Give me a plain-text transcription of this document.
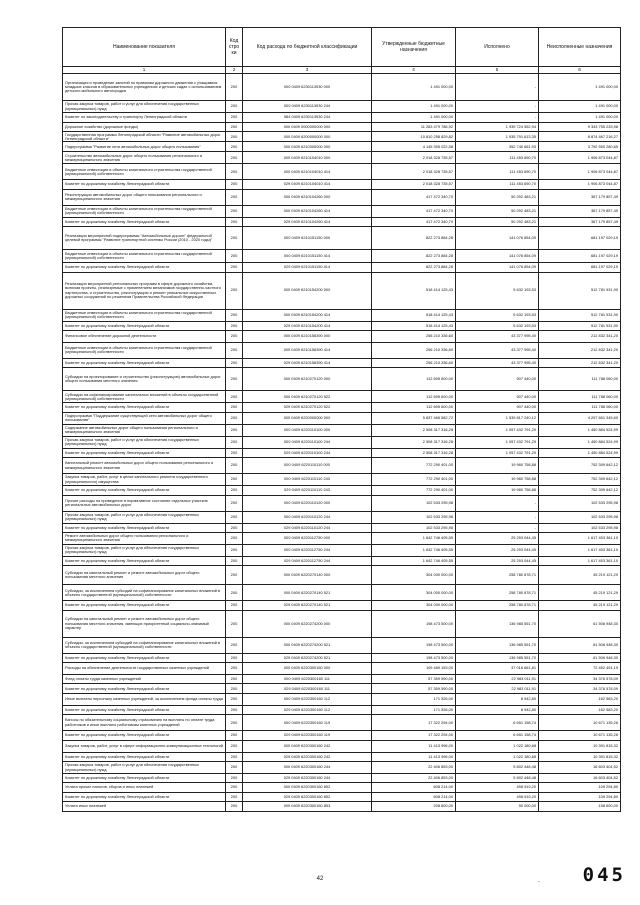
Наименование показателя	Код стро ки	Код расхода по бюджетной классификации	Утвержденные бюджетные назначения	Исполнено	Неисполненные назначения
1	2	3	4	5	6
Организация и проведение занятий по правилам дорожного движения с учащимися младших классов в образовательных учреждениях и детских садах с использованием детского мобильного автогородка	200	000 0409 6230113930 000	1 491 000,00	-	1 491 000,00
Прочая закупка товаров, работ и услуг для обеспечения государственных (муниципальных) нужд	200	000 0409 6230113930 244	1 491 000,00	-	1 491 000,00
Комитет по законодательству и транспорту Ленинградской области	200	984 0409 6230113930 244	1 491 000,00	-	1 491 000,00
Дорожное хозяйство (дорожные фонды)	200	000 0409 0000000000 000	11 283 479 786,92	1 939 724 552,94	9 343 755 233,98
Государственная программа Ленинградской области "Развитие автомобильных дорог Ленинградской области"	200	000 0409 6200000000 000	10 810 258 829,82	1 935 791 613,35	8 874 467 216,27
Подпрограмма "Развитие сети автомобильных дорог общего пользования"	200	000 0409 6210000000 000	4 145 395 022,58	352 740 661,93	3 792 550 280,65
Строительство автомобильных дорог общего пользования регионального и межмуниципального значения	200	000 0409 6210104010 000	2 018 328 735,57	111 453 690,70	1 906 873 044,87
Бюджетные инвестиции в объекты капитального строительства государственной (муниципальной) собственности	200	000 0409 6210104010 414	2 018 328 735,57	111 453 690,70	1 906 873 044,87
Комитет по дорожному хозяйству Ленинградской области	200	029 0409 6210104010 414	2 018 328 735,57	111 453 690,70	1 906 873 044,87
Реконструкция автомобильных дорог общего пользования регионального и межмуниципального значения	200	000 0409 6210104260 000	417 472 340,70	50 292 483,21	367 179 857,49
Бюджетные инвестиции в объекты капитального строительства государственной (муниципальной) собственности	200	000 0409 6210104260 414	417 472 340,70	50 292 483,21	367 179 857,49
Комитет по дорожному хозяйству Ленинградской области	200	029 0409 6210104260 414	417 472 340,70	50 292 483,21	367 179 857,49
Реализация мероприятий подпрограммы "Автомобильные дороги" федеральной целевой программы "Развитие транспортной системы России (2010 - 2020 годы)"	200	000 0409 6210151150 000	822 273 884,28	141 076 854,09	681 197 029,19
Бюджетные инвестиции в объекты капитального строительства государственной (муниципальной) собственности	200	000 0409 6210151150 414	822 273 884,28	141 076 854,09	681 197 029,19
Комитет по дорожному хозяйству Ленинградской области	200	029 0409 6210151150 414	822 273 884,28	141 076 854,09	681 197 029,19
Реализация мероприятий региональных программ в сфере дорожного хозяйства, включая проекты, реализуемые с применением механизмов государственно-частного партнерства, и строительство, реконструкцию и ремонт уникальных искусственных дорожных сооружений по решениям Правительства Российской Федерации	200	000 0409 6210154200 000	518 414 125,43	5 632 193,53	512 781 931,90
Бюджетные инвестиции в объекты капитального строительства государственной (муниципальной) собственности	200	000 0409 6210154200 414	518 414 125,43	5 632 193,53	512 781 931,90
Комитет по дорожному хозяйству Ленинградской области	200	029 0409 6210154200 414	518 414 125,43	5 632 193,53	512 781 931,90
Финансовое обеспечение дорожной деятельности	200	000 0409 6210158390 000	256 210 336,60	43 377 995,40	212 832 341,20
Бюджетные инвестиции в объекты капитального строительства государственной (муниципальной) собственности	200	000 0409 6210158390 414	256 210 336,60	43 377 995,40	212 832 341,20
Комитет по дорожному хозяйству Ленинградской области	200	029 0409 6210158390 414	256 210 336,60	43 377 995,40	212 832 341,20
Субсидии на проектирование и строительство (реконструкцию) автомобильных дорог общего пользования местного значения	200	000 0409 6210270120 000	112 695 600,00	907 440,00	111 788 060,00
Субсидии на софинансирование капитальных вложений в объекты государственной (муниципальной) собственности	200	000 0409 6210270120 522	112 695 600,00	907 440,00	111 788 060,00
Комитет по дорожному хозяйству Ленинградской области	200	029 0409 6210270120 522	112 695 600,00	907 440,00	111 788 060,00
Подпрограмма "Поддержание существующей сети автомобильных дорог общего пользования"	200	000 0409 6220000000 000	5 837 466 582,72	1 539 817 240,12	4 297 651 345,60
Содержание автомобильных дорог общего пользования регионального и межмуниципального значения	200	000 0409 6220110100 000	2 508 317 316,28	1 057 432 791,29	1 450 884 524,99
Прочая закупка товаров, работ и услуг для обеспечения государственных (муниципальных) нужд	200	000 0409 6220110100 244	2 508 317 316,28	1 057 432 791,29	1 450 884 524,99
Комитет по дорожному хозяйству Ленинградской области	200	029 0409 6220110100 244	2 508 317 316,28	1 057 432 791,29	1 450 884 524,99
Капитальный ремонт автомобильных дорог общего пользования регионального и межмуниципального значения	200	000 0409 6220110110 000	772 290 401,00	19 980 758,88	752 309 642,12
Закупка товаров, работ, услуг в целях капитального ремонта государственного (муниципального) имущества	200	000 0409 6220110110 243	772 290 401,00	19 980 758,88	752 309 642,12
Комитет по дорожному хозяйству Ленинградской области	200	029 0409 6220110110 243	772 290 401,00	19 980 758,88	752 309 642,12
Прочие расходы на приведение в нормативное состояние отдельных участков региональных автомобильных дорог	200	000 0409 6220110120 000	102 533 295,98	-	102 533 295,98
Прочая закупка товаров, работ и услуг для обеспечения государственных (муниципальных) нужд	200	000 0409 6220110120 244	102 533 295,98	-	102 533 295,98
Комитет по дорожному хозяйству Ленинградской области	200	029 0409 6220110120 244	102 533 295,98	-	102 533 295,98
Ремонт автомобильных дорог общего пользования регионального и межмуниципального значения	200	000 0409 6220112750 000	1 642 746 405,55	25 293 044,45	1 617 453 361,10
Прочая закупка товаров, работ и услуг для обеспечения государственных (муниципальных) нужд	200	000 0409 6220112750 244	1 642 746 405,55	25 293 044,45	1 617 453 361,10
Комитет по дорожному хозяйству Ленинградской области	200	029 0409 6220112750 244	1 642 746 405,55	25 293 044,45	1 617 453 361,10
Субсидии на капитальный ремонт и ремонт автомобильных дорог общего пользования местного значения	200	000 0409 6220270140 000	304 000 000,00	258 780 878,71	45 219 121,29
Субсидии, за исключением субсидий на софинансирование капитальных вложений в объекты государственной (муниципальной) собственности	200	000 0409 6220270140 521	304 000 000,00	258 780 878,71	45 219 121,29
Комитет по дорожному хозяйству Ленинградской области	200	029 0409 6220270140 521	304 000 000,00	258 780 878,71	45 219 121,29
Субсидии на капитальный ремонт и ремонт автомобильных дорог общего пользования местного значения, имеющих приоритетный социально-значимый характер	200	000 0409 6220274200 000	198 473 500,00	136 985 551,70	61 506 948,30
Субсидии, за исключением субсидий на софинансирование капитальных вложений в объекты государственной (муниципальной) собственности	200	000 0409 6220274200 521	198 473 500,00	136 985 551,70	61 506 948,30
Комитет по дорожному хозяйству Ленинградской области	200	029 0409 6220274200 521	198 473 500,00	136 985 551,70	61 506 948,30
Расходы на обеспечение деятельности государственных казенных учреждений	200	000 0409 6220300160 000	109 469 153,00	37 016 661,81	72 452 491,19
Фонд оплаты труда казенных учреждений	200	000 0409 6220300160 111	57 359 590,00	22 983 011,91	34 376 578,09
Комитет по дорожному хозяйству Ленинградской области	200	029 0409 6220300160 111	57 359 590,00	22 983 011,91	34 376 578,09
Иные выплаты персоналу казенных учреждений, за исключением фонда оплаты труда	200	000 0409 6220300160 112	171 526,00	8 942,80	162 583,20
Комитет по дорожному хозяйству Ленинградской области	200	029 0409 6220300160 112	171 526,00	8 942,80	162 583,20
Взносы по обязательному социальному страхованию на выплаты по оплате труда работников и иные выплаты работникам казенных учреждений	200	000 0409 6220300160 119	17 322 294,00	6 651 158,74	10 671 135,26
Комитет по дорожному хозяйству Ленинградской области	200	029 0409 6220300160 119	17 322 294,00	6 651 158,74	10 671 135,26
Закупка товаров, работ, услуг в сфере информационно-коммуникационных технологий	200	000 0409 6220300160 242	11 413 996,00	1 022 180,68	10 391 815,32
Комитет по дорожному хозяйству Ленинградской области	200	029 0409 6220300160 242	11 413 996,00	1 022 180,68	10 391 815,32
Прочая закупка товаров, работ и услуг для обеспечения государственных (муниципальных) нужд	200	000 0409 6220300160 244	22 406 853,00	5 802 448,48	16 603 404,52
Комитет по дорожному хозяйству Ленинградской области	200	029 0409 6220300160 244	22 406 853,00	5 802 448,48	16 603 404,52
Уплата прочих налогов, сборов и иных платежей	200	000 0409 6220300160 852	608 214,00	498 919,20	109 294,80
Комитет по дорожному хозяйству Ленинградской области	200	029 0409 6220300160 852	608 214,00	498 919,20	109 294,80
Уплата иных платежей	200	000 0409 6220300160 853	208 600,00	50 000,00	158 600,00
42	- 045
